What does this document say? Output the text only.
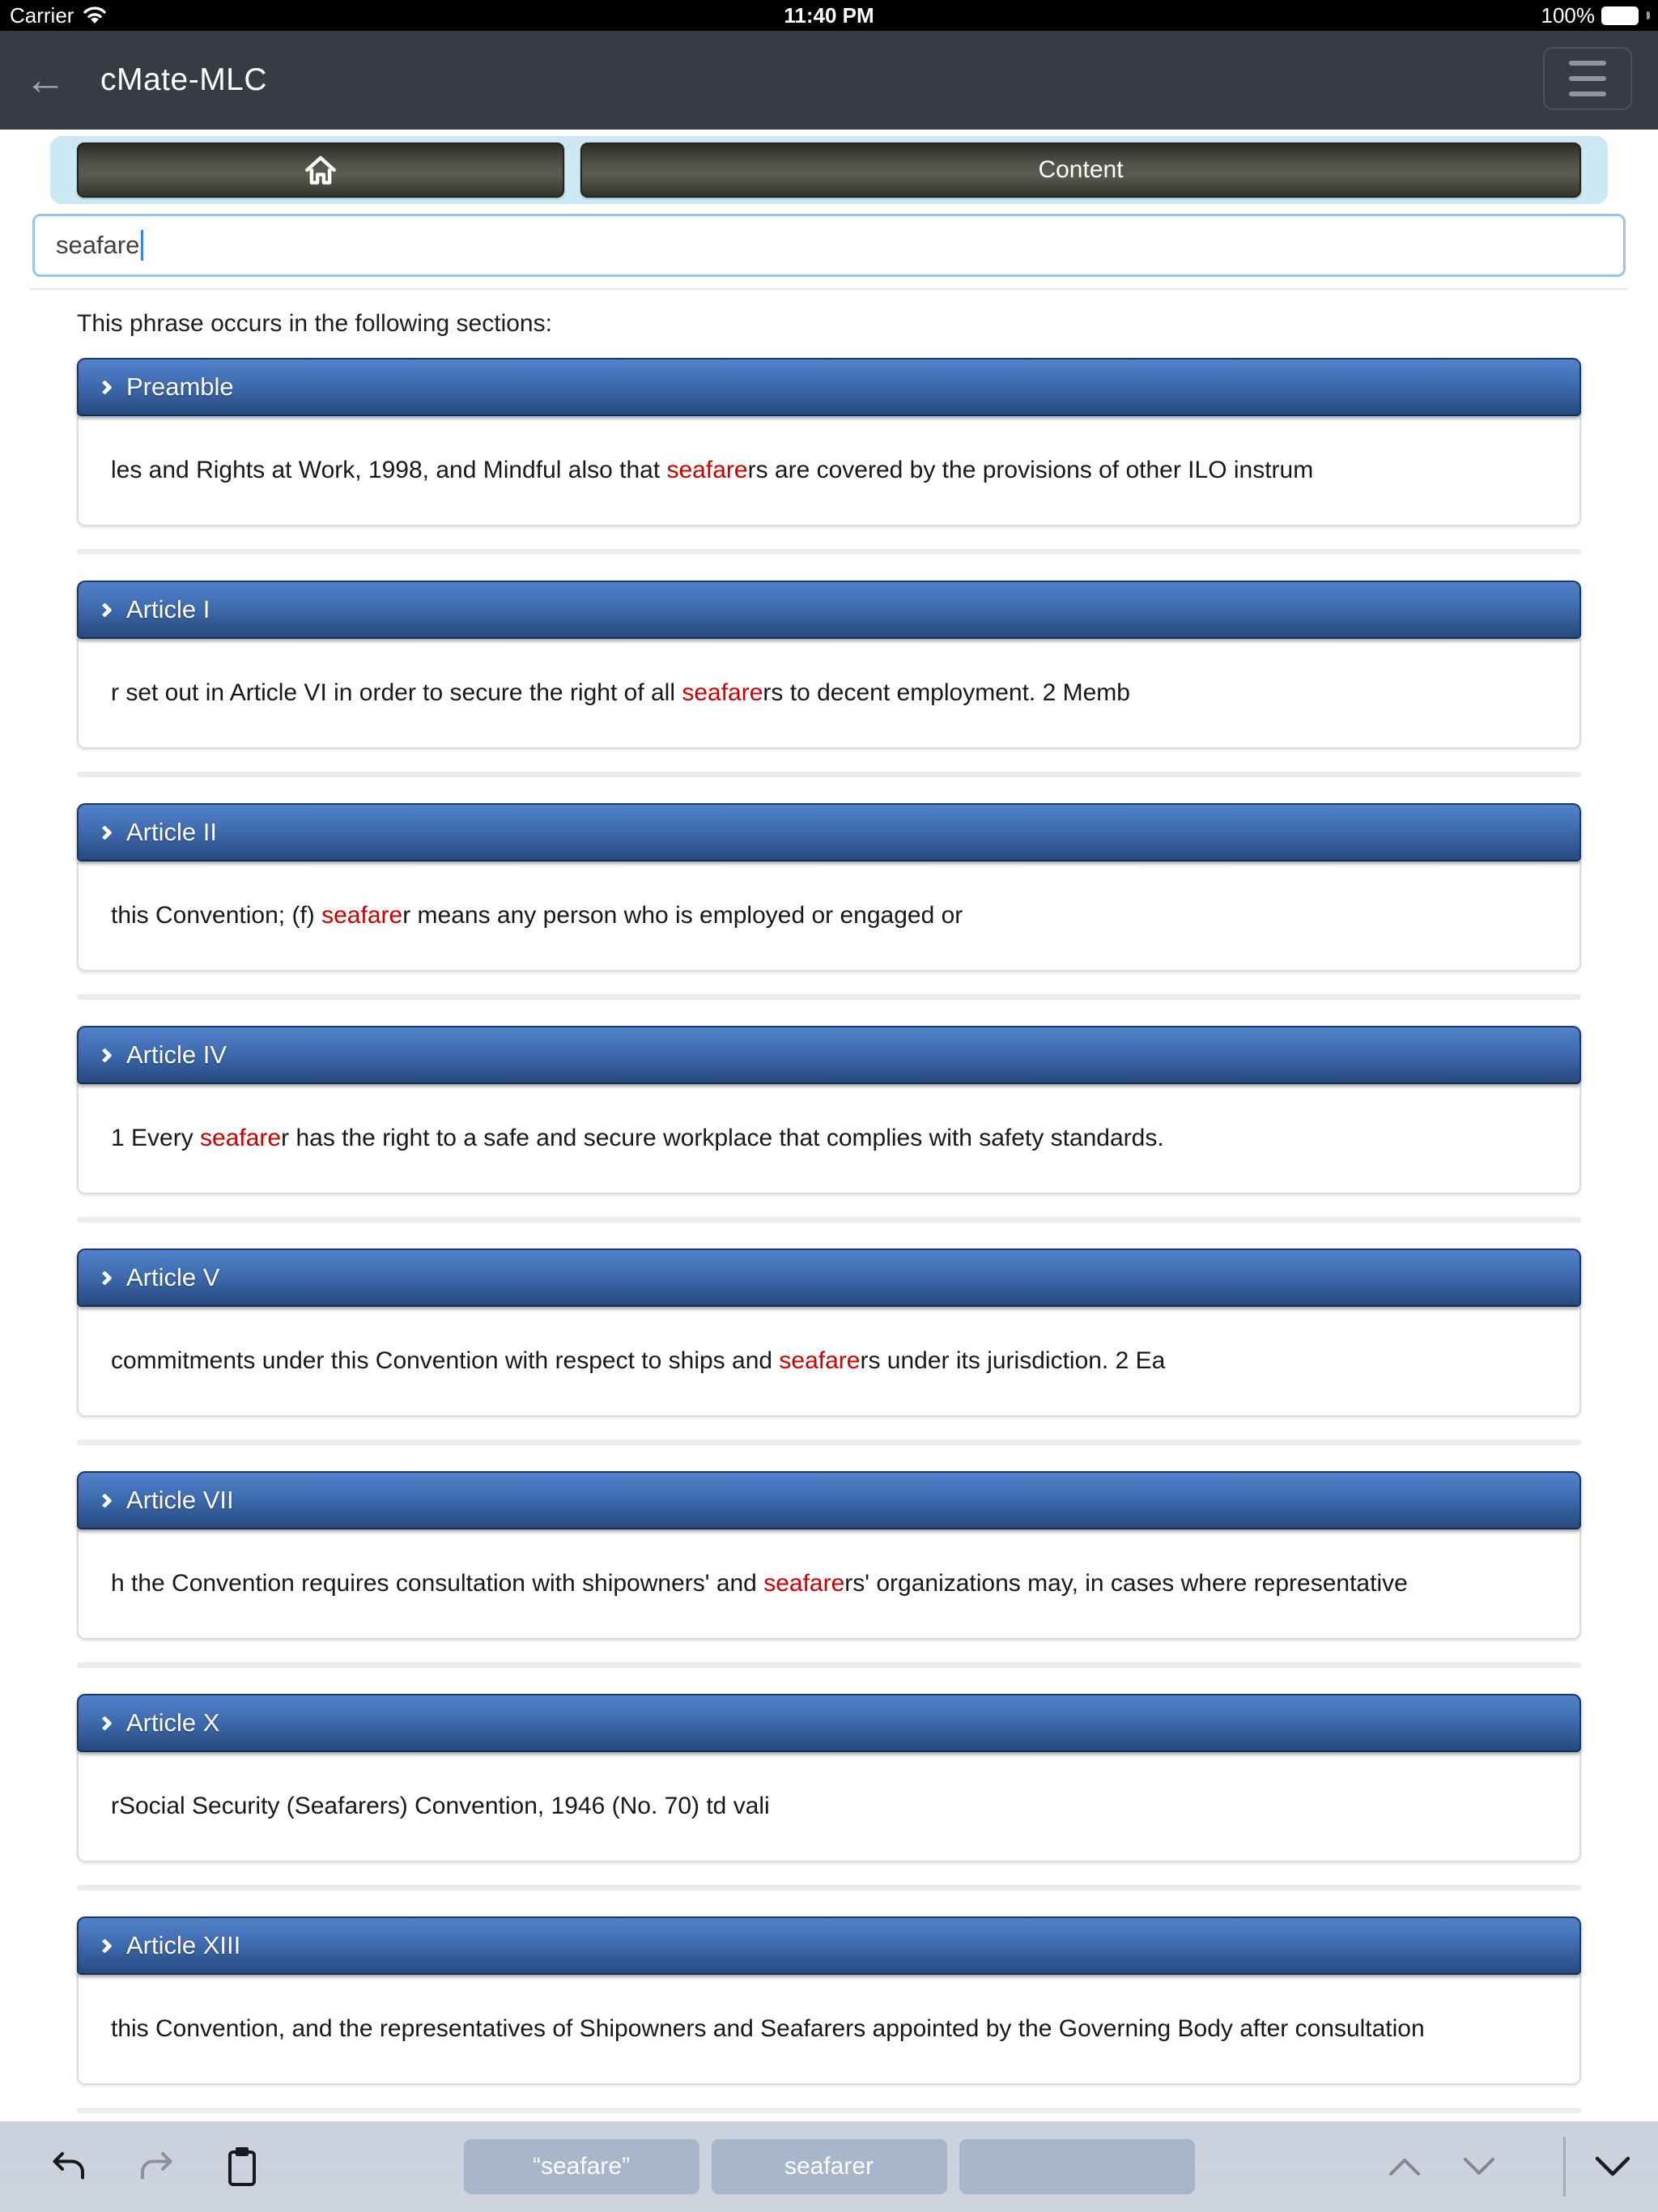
Carrier	11:40 PM	100%
← cMate-MLC
Content
seafare
This phrase occurs in the following sections:
Preamble
les and Rights at Work, 1998, and Mindful also that seafare rs are covered by the provisions of other ILO instrum
Article I
r set out in Article VI in order to secure the right of all seafare rs to decent employment. 2 Memb
Article II
this Convention; (f) seafare r means any person who is employed or engaged or
Article IV
1 Every seafare r has the right to a safe and secure workplace that complies with safety standards.
Article V
commitments under this Convention with respect to ships and seafare rs under its jurisdiction. 2 Ea
Article VII
h the Convention requires consultation with shipowners' and seafare rs' organizations may, in cases where representative
Article X
rSocial Security (Seafarers) Convention, 1946 (No. 70) td vali
Article XIII
this Convention, and the representatives of Shipowners and Seafarers appointed by the Governing Body after consultation
“seafare”	seafarer
